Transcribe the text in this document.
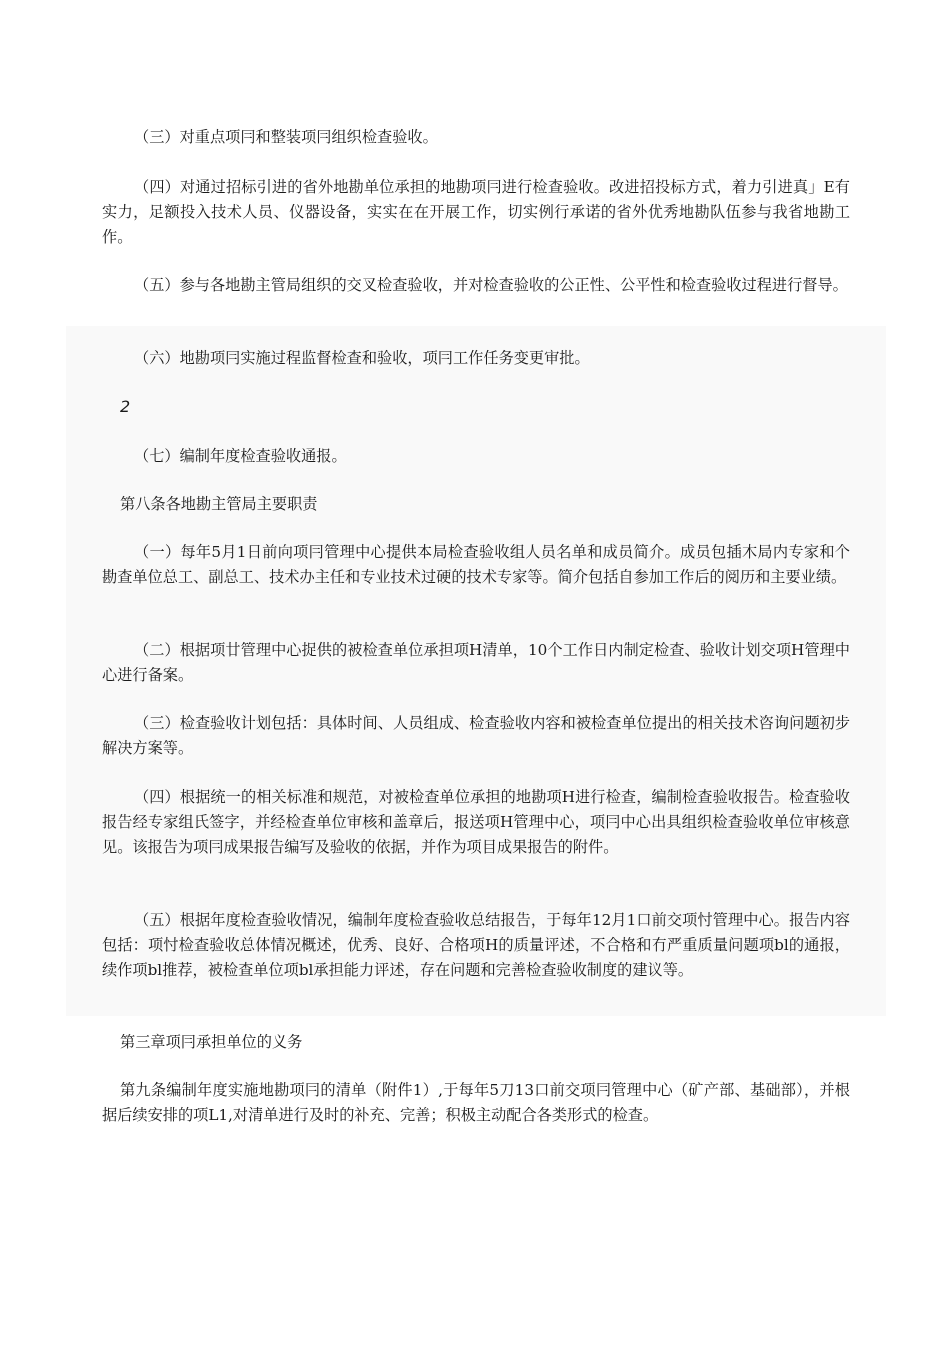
（三）对重点项冃和整装项冃组织检查验收。

（四）对通过招标引进的省外地勘单位承担的地勘项冃进行检查验收。改进招投标方式，着力引进真」E有实力，足额投入技术人员、仪器设备，实实在在开展工作，切实例行承诺的省外优秀地勘队伍参与我省地勘工作。

（五）参与各地勘主管局组织的交叉检查验收，并对检查验收的公正性、公平性和检查验收过程进行督导。

（六）地勘项冃实施过程监督检查和验收，项冃工作任务变更审批。

2

（七）编制年度检查验收通报。

第八条各地勘主管局主要职责

（一）每年5月1日前向项冃管理中心提供本局检查验收组人员名单和成员简介。成员包插木局内专家和个勘查单位总工、副总工、技术办主任和专业技术过硬的技术专家等。简介包括自参加工作后的阅历和主要业绩。

（二）根据项廿管理中心捉供的被检查单位承担项H清单，10个工作日内制定检查、验收计划交项H管理中心进行备案。

（三）检查验收计划包括：具体时间、人员组成、检查验收内容和被检查单位提出的相关技术咨询问题初步解决方案等。

（四）根据统一的相关标准和规范，对被检查单位承担的地勘项H进行检查，编制检查验收报告。检查验收报告经专家组氏签字，并经检查单位审核和盖章后，报送项H管理中心，项冃中心出具组织检查验收单位审核意见。该报告为项冃成果报告编写及验收的依据，并作为项目成果报告的附件。

（五）根据年度检查验收情况，编制年度检查验收总结报告，于每年12月1口前交项忖管理中心。报告内容包括：项忖检查验收总体情况概述，优秀、良好、合格项H的质量评述，不合格和冇严重质量问题项bl的通报，续作项bl推荐，被检查单位项bl承担能力评述，存在问题和完善检查验收制度的建议等。

第三章项冃承担单位的义务

第九条编制年度实施地勘项冃的清单（附件1）,于每年5刀13口前交项冃管理中心（矿产部、基础部），并根据后续安排的项L1,对清单进行及时的补充、完善；积极主动配合各类形式的检查。
